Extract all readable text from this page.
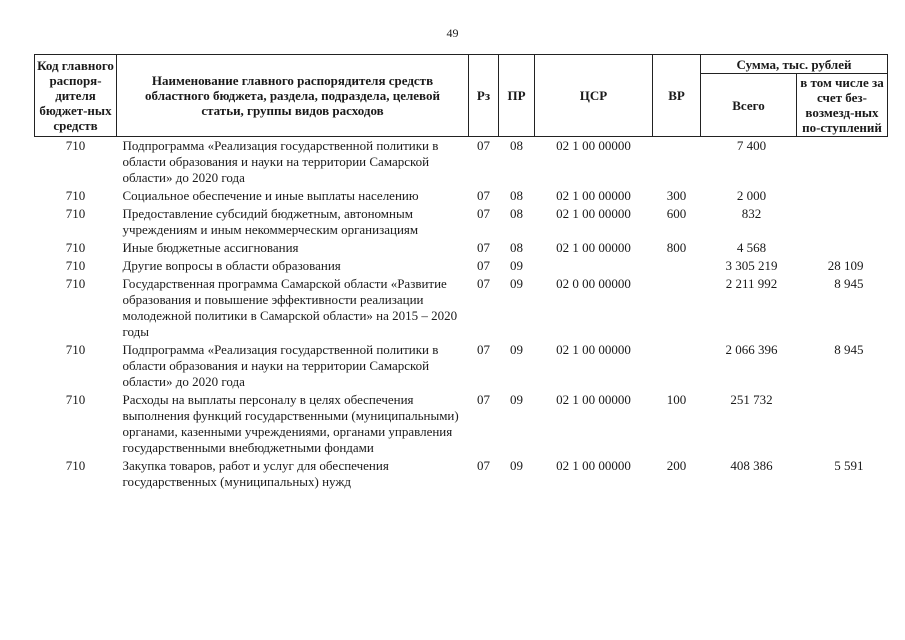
49
Код главного распоря-дителя бюджет-ных средств	Наименование главного распорядителя средств областного бюджета, раздела, подраздела, целевой статьи, группы видов расходов	Рз	ПР	ЦСР	ВР	Сумма, тыс. рублей	
						Всего	в том числе за счет без-возмезд-ных по-ступлений
710	Подпрограмма «Реализация государственной политики в области образования и науки на территории Самарской области» до 2020 года	07	08	02 1 00 00000		7 400	
710	Социальное обеспечение и иные выплаты населению	07	08	02 1 00 00000	300	2 000	
710	Предоставление субсидий бюджетным, автономным учреждениям и иным некоммерческим организациям	07	08	02 1 00 00000	600	832	
710	Иные бюджетные ассигнования	07	08	02 1 00 00000	800	4 568	
710	Другие вопросы в области образования	07	09			3 305 219	28 109
710	Государственная программа Самарской области «Развитие образования и повышение эффективности реализации молодежной политики в Самарской области» на 2015 – 2020 годы	07	09	02 0 00 00000		2 211 992	8 945
710	Подпрограмма «Реализация государственной политики в области образования и науки на территории Самарской области» до 2020 года	07	09	02 1 00 00000		2 066 396	8 945
710	Расходы на выплаты персоналу в целях обеспечения выполнения функций государственными (муниципальными) органами, казенными учреждениями, органами управления государственными внебюджетными фондами	07	09	02 1 00 00000	100	251 732	
710	Закупка товаров, работ и услуг для обеспечения государственных (муниципальных) нужд	07	09	02 1 00 00000	200	408 386	5 591
